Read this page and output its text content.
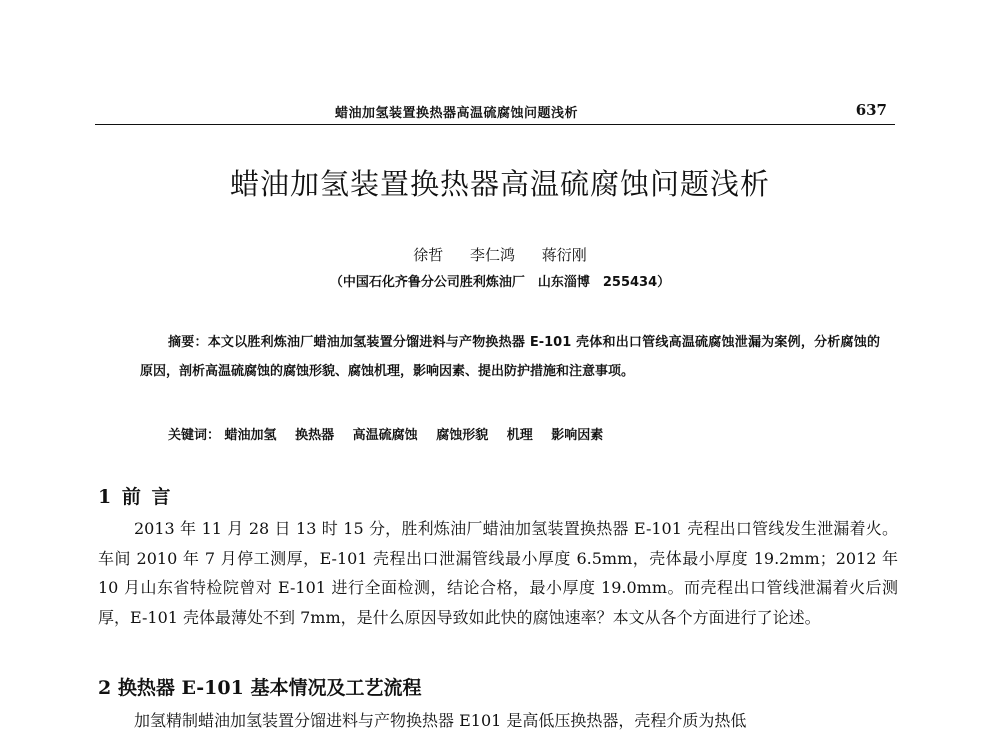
蜡油加氢装置换热器高温硫腐蚀问题浅析	637
蜡油加氢装置换热器高温硫腐蚀问题浅析
徐哲 李仁鸿 蒋衍刚
（中国石化齐鲁分公司胜利炼油厂　山东淄博　255434）
摘要：本文以胜利炼油厂蜡油加氢装置分馏进料与产物换热器 E-101 壳体和出口管线高温硫腐蚀泄漏为案例，分析腐蚀的原因，剖析高温硫腐蚀的腐蚀形貌、腐蚀机理，影响因素、提出防护措施和注意事项。
关键词： 蜡油加氢 换热器 高温硫腐蚀 腐蚀形貌 机理 影响因素
1 前 言

2013 年 11 月 28 日 13 时 15 分，胜利炼油厂蜡油加氢装置换热器 E-101 壳程出口管线发生泄漏着火。车间 2010 年 7 月停工测厚，E-101 壳程出口泄漏管线最小厚度 6.5mm，壳体最小厚度 19.2mm；2012 年 10 月山东省特检院曾对 E-101 进行全面检测，结论合格，最小厚度 19.0mm。而壳程出口管线泄漏着火后测厚，E-101 壳体最薄处不到 7mm，是什么原因导致如此快的腐蚀速率？本文从各个方面进行了论述。

2 换热器 E-101 基本情况及工艺流程

加氢精制蜡油加氢装置分馏进料与产物换热器 E101 是高低压换热器，壳程介质为热低
